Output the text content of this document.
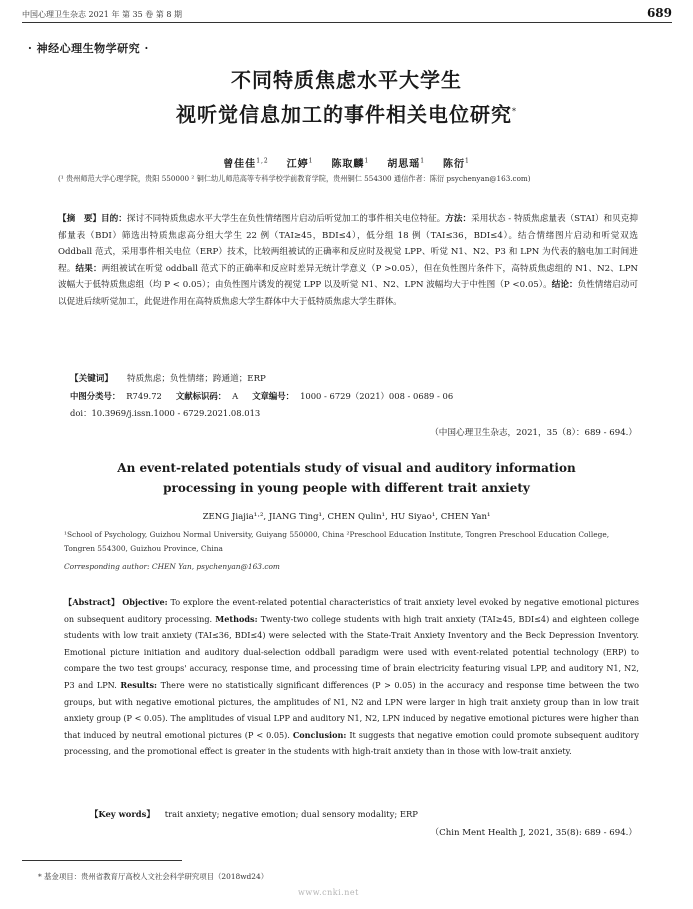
中国心理卫生杂志 2021 年 第 35 卷 第 8 期	689
· 神经心理生物学研究 ·
不同特质焦虑水平大学生
视听觉信息加工的事件相关电位研究*
曾佳佳$^{1,2}$ 江婷$^1$ 陈取麟$^1$ 胡思瑶$^1$ 陈衍$^1$
(¹ 贵州师范大学心理学院，贵阳 550000 ² 铜仁幼儿师范高等专科学校学前教育学院，贵州铜仁 554300 通信作者：陈衍 psychenyan@163.com)
【摘　要】目的：探讨不同特质焦虑水平大学生在负性情绪图片启动后听觉加工的事件相关电位特征。方法：采用状态 - 特质焦虑量表（STAI）和贝克抑郁量表（BDI）筛选出特质焦虑高分组大学生 22 例（TAI≥45，BDI≤4），低分组 18 例（TAI≤36，BDI≤4）。结合情绪图片启动和听觉双选 Oddball 范式，采用事件相关电位（ERP）技术，比较两组被试的正确率和反应时及视觉 LPP、听觉 N1、N2、P3 和 LPN 为代表的脑电加工时间进程。结果：两组被试在听觉 oddball 范式下的正确率和反应时差异无统计学意义（P >0.05），但在负性图片条件下，高特质焦虑组的 N1、N2、LPN 波幅大于低特质焦虑组（均 P < 0.05）；由负性图片诱发的视觉 LPP 以及听觉 N1、N2、LPN 波幅均大于中性图（P <0.05）。结论：负性情绪启动可以促进后续听觉加工，此促进作用在高特质焦虑大学生群体中大于低特质焦虑大学生群体。
【关键词】 特质焦虑；负性情绪；跨通道；ERP
中图分类号： R749.72 文献标识码： A 文章编号： 1000 - 6729（2021）008 - 0689 - 06
doi：10.3969/j.issn.1000 - 6729.2021.08.013
（中国心理卫生杂志，2021，35（8）：689 - 694.）
An event-related potentials study of visual and auditory information
processing in young people with different trait anxiety
ZENG Jiajia¹·², JIANG Ting¹, CHEN Qulin¹, HU Siyao¹, CHEN Yan¹
¹School of Psychology, Guizhou Normal University, Guiyang 550000, China ²Preschool Education Institute, Tongren Preschool Education College, Tongren 554300, Guizhou Province, China
Corresponding author: CHEN Yan, psychenyan@163.com
【Abstract】 Objective: To explore the event-related potential characteristics of trait anxiety level evoked by negative emotional pictures on subsequent auditory processing. Methods: Twenty-two college students with high trait anxiety (TAI≥45, BDI≤4) and eighteen college students with low trait anxiety (TAI≤36, BDI≤4) were selected with the State-Trait Anxiety Inventory and the Beck Depression Inventory. Emotional picture initiation and auditory dual-selection oddball paradigm were used with event-related potential technology (ERP) to compare the two test groups' accuracy, response time, and processing time of brain electricity featuring visual LPP, and auditory N1, N2, P3 and LPN. Results: There were no statistically significant differences (P > 0.05) in the accuracy and response time between the two groups, but with negative emotional pictures, the amplitudes of N1, N2 and LPN were larger in high trait anxiety group than in low trait anxiety group (P < 0.05). The amplitudes of visual LPP and auditory N1, N2, LPN induced by negative emotional pictures were higher than that induced by neutral emotional pictures (P < 0.05). Conclusion: It suggests that negative emotion could promote subsequent auditory processing, and the promotional effect is greater in the students with high-trait anxiety than in those with low-trait anxiety.
【Key words】 trait anxiety; negative emotion; dual sensory modality; ERP
（Chin Ment Health J, 2021, 35(8): 689 - 694.）
* 基金项目：贵州省教育厅高校人文社会科学研究项目（2018wd24）
www.cnki.net
